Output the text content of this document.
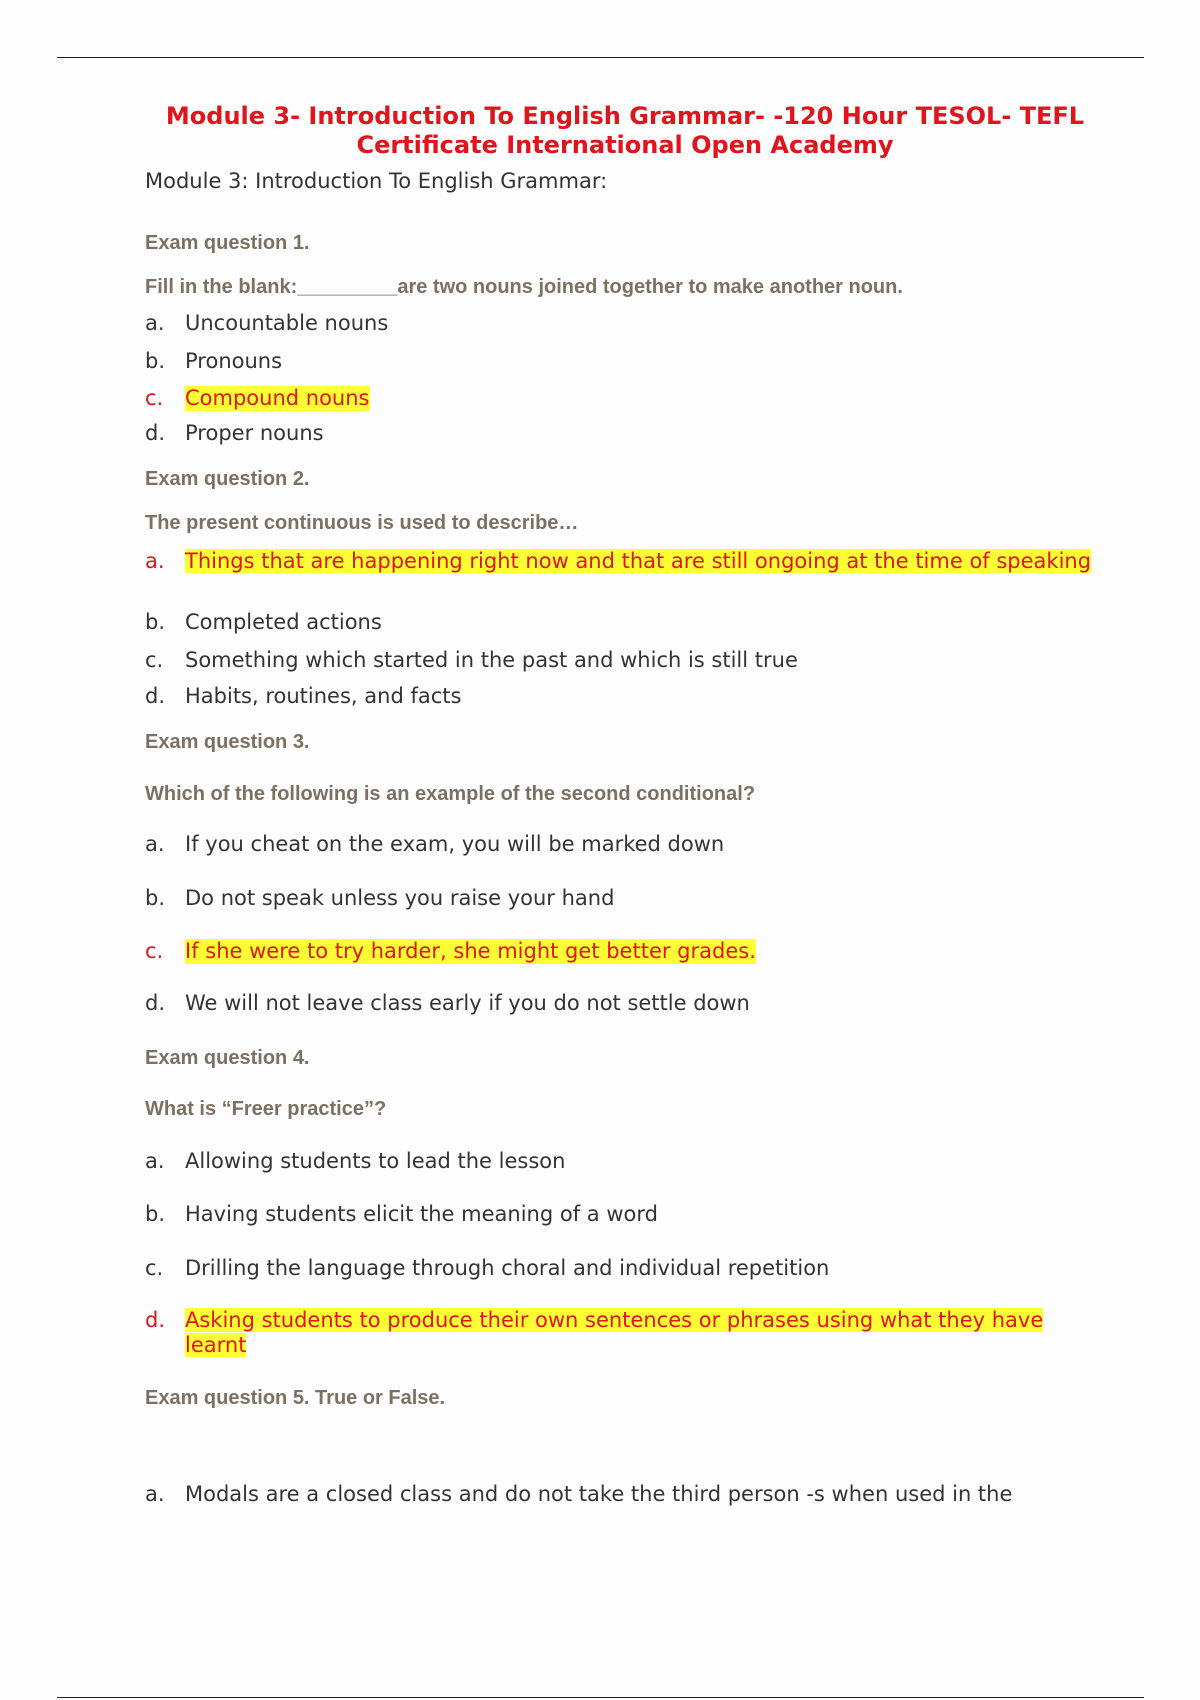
Module 3- Introduction To English Grammar- -120 Hour TESOL- TEFL Certificate International Open Academy
Module 3: Introduction To English Grammar:
Exam question 1.
Fill in the blank:_________are two nouns joined together to make another noun.
a. Uncountable nouns
b. Pronouns
c. Compound nouns
d. Proper nouns
Exam question 2.
The present continuous is used to describe…
a. Things that are happening right now and that are still ongoing at the time of speaking
b. Completed actions
c. Something which started in the past and which is still true
d. Habits, routines, and facts
Exam question 3.
Which of the following is an example of the second conditional?
a. If you cheat on the exam, you will be marked down
b. Do not speak unless you raise your hand
c. If she were to try harder, she might get better grades.
d. We will not leave class early if you do not settle down
Exam question 4.
What is “Freer practice”?
a. Allowing students to lead the lesson
b. Having students elicit the meaning of a word
c. Drilling the language through choral and individual repetition
d. Asking students to produce their own sentences or phrases using what they have learnt
Exam question 5. True or False.
a. Modals are a closed class and do not take the third person -s when used in the
